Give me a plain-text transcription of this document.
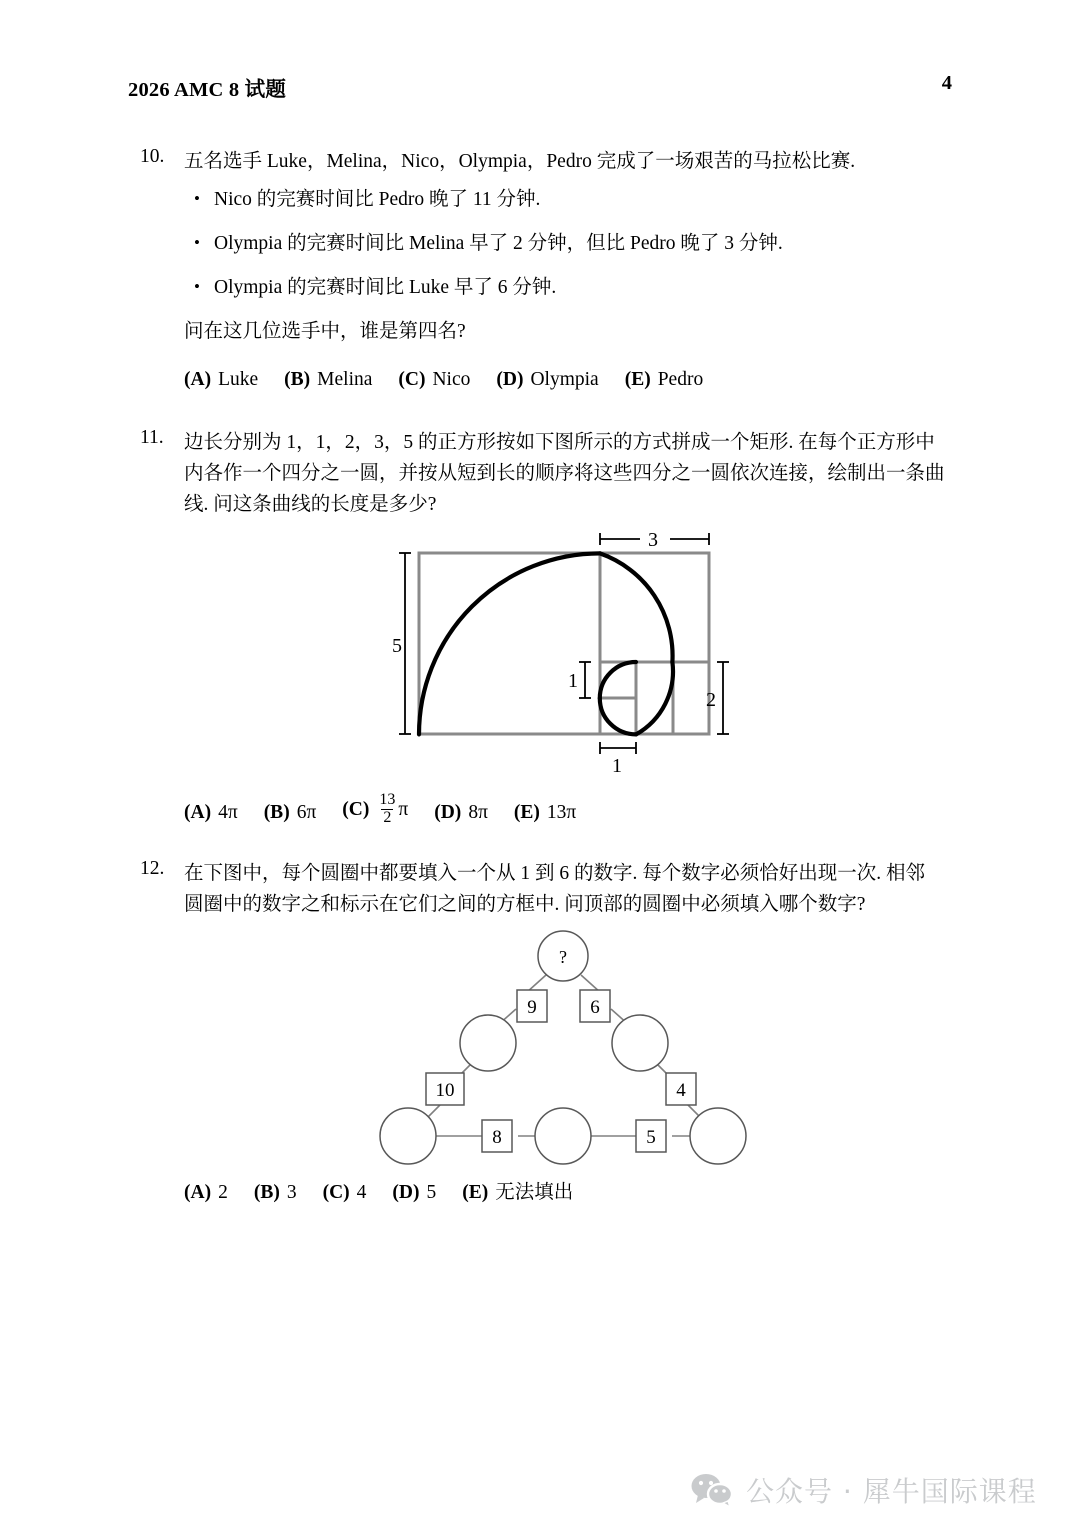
2026 AMC 8 试题	4
10.	五名选手 Luke，Melina，Nico，Olympia，Pedro 完成了一场艰苦的马拉松比赛.
• Nico 的完赛时间比 Pedro 晚了 11 分钟.
• Olympia 的完赛时间比 Melina 早了 2 分钟，但比 Pedro 晚了 3 分钟.
• Olympia 的完赛时间比 Luke 早了 6 分钟.
问在这几位选手中，谁是第四名?
(A) Luke (B) Melina (C) Nico (D) Olympia (E) Pedro
11.	边长分别为 1，1，2，3，5 的正方形按如下图所示的方式拼成一个矩形. 在每个正方形中
内各作一个四分之一圆，并按从短到长的顺序将这些四分之一圆依次连接，绘制出一条曲
线. 问这条曲线的长度是多少?
5
3
2
1
1
(A) 4π (B) 6π $(C) \frac{13}{2}$ π (D) 8π (E) 13π
12.	在下图中，每个圆圈中都要填入一个从 1 到 6 的数字. 每个数字必须恰好出现一次. 相邻
圆圈中的数字之和标示在它们之间的方框中. 问顶部的圆圈中必须填入哪个数字?
?
9	6
10	4
8	5
(A) 2 (B) 3 (C) 4 (D) 5 (E) 无法填出
公众号 · 犀牛国际课程
